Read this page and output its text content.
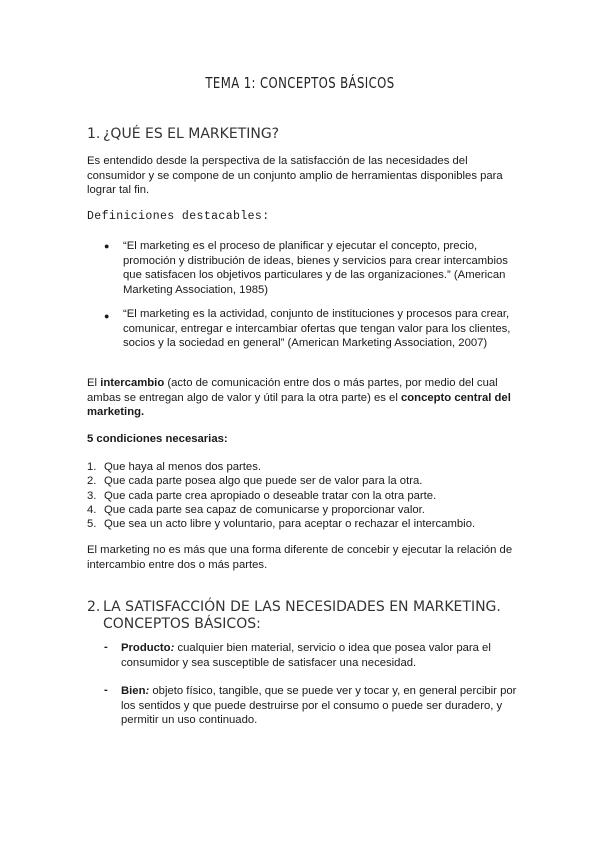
TEMA 1: CONCEPTOS BÁSICOS
1. ¿QUÉ ES EL MARKETING?
Es entendido desde la perspectiva de la satisfacción de las necesidades del consumidor y se compone de un conjunto amplio de herramientas disponibles para lograr tal fin.
Definiciones destacables:
● “El marketing es el proceso de planificar y ejecutar el concepto, precio, promoción y distribución de ideas, bienes y servicios para crear intercambios que satisfacen los objetivos particulares y de las organizaciones.” (American Marketing Association, 1985)
● “El marketing es la actividad, conjunto de instituciones y procesos para crear, comunicar, entregar e intercambiar ofertas que tengan valor para los clientes, socios y la sociedad en general” (American Marketing Association, 2007)
El intercambio (acto de comunicación entre dos o más partes, por medio del cual ambas se entregan algo de valor y útil para la otra parte) es el concepto central del marketing.
5 condiciones necesarias:
1. Que haya al menos dos partes.
2. Que cada parte posea algo que puede ser de valor para la otra.
3. Que cada parte crea apropiado o deseable tratar con la otra parte.
4. Que cada parte sea capaz de comunicarse y proporcionar valor.
5. Que sea un acto libre y voluntario, para aceptar o rechazar el intercambio.
El marketing no es más que una forma diferente de concebir y ejecutar la relación de intercambio entre dos o más partes.
2. LA SATISFACCIÓN DE LAS NECESIDADES EN MARKETING. CONCEPTOS BÁSICOS:
- Producto: cualquier bien material, servicio o idea que posea valor para el consumidor y sea susceptible de satisfacer una necesidad.
- Bien: objeto físico, tangible, que se puede ver y tocar y, en general percibir por los sentidos y que puede destruirse por el consumo o puede ser duradero, y permitir un uso continuado.
